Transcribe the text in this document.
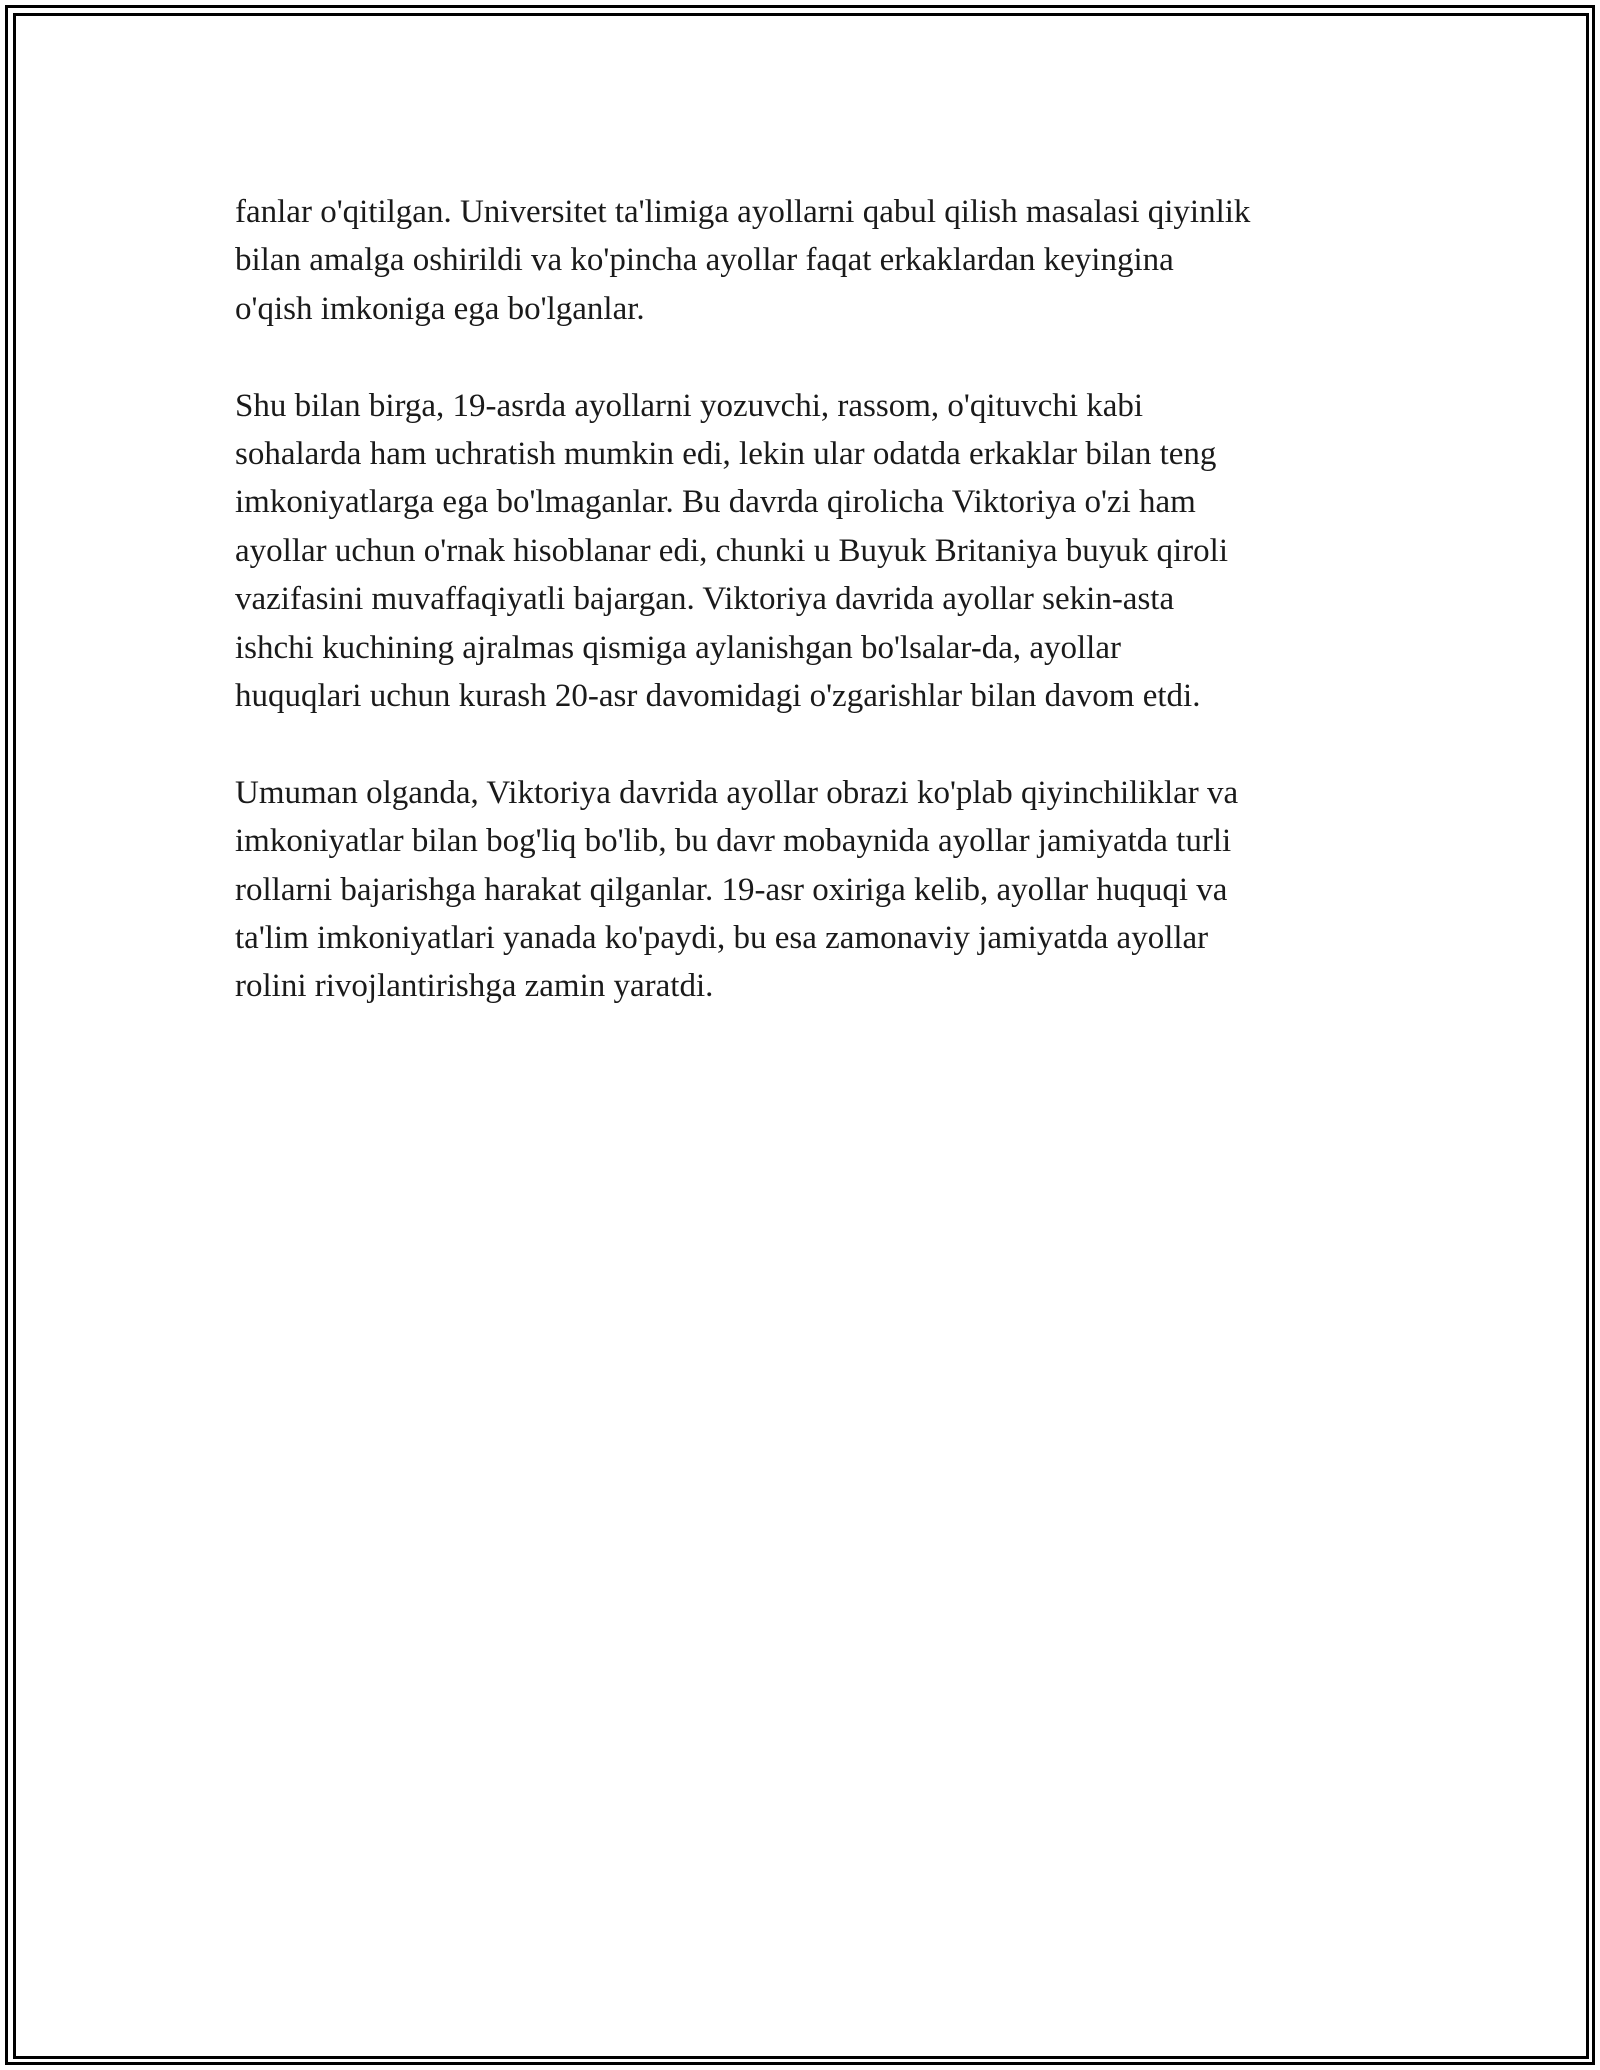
fanlar o'qitilgan. Universitet ta'limiga ayollarni qabul qilish masalasi qiyinlik
bilan amalga oshirildi va ko'pincha ayollar faqat erkaklardan keyingina
o'qish imkoniga ega bo'lganlar.

Shu bilan birga, 19-asrda ayollarni yozuvchi, rassom, o'qituvchi kabi
sohalarda ham uchratish mumkin edi, lekin ular odatda erkaklar bilan teng
imkoniyatlarga ega bo'lmaganlar. Bu davrda qirolicha Viktoriya o'zi ham
ayollar uchun o'rnak hisoblanar edi, chunki u Buyuk Britaniya buyuk qiroli
vazifasini muvaffaqiyatli bajargan. Viktoriya davrida ayollar sekin-asta
ishchi kuchining ajralmas qismiga aylanishgan bo'lsalar-da, ayollar
huquqlari uchun kurash 20-asr davomidagi o'zgarishlar bilan davom etdi.

Umuman olganda, Viktoriya davrida ayollar obrazi ko'plab qiyinchiliklar va
imkoniyatlar bilan bog'liq bo'lib, bu davr mobaynida ayollar jamiyatda turli
rollarni bajarishga harakat qilganlar. 19-asr oxiriga kelib, ayollar huquqi va
ta'lim imkoniyatlari yanada ko'paydi, bu esa zamonaviy jamiyatda ayollar
rolini rivojlantirishga zamin yaratdi.
